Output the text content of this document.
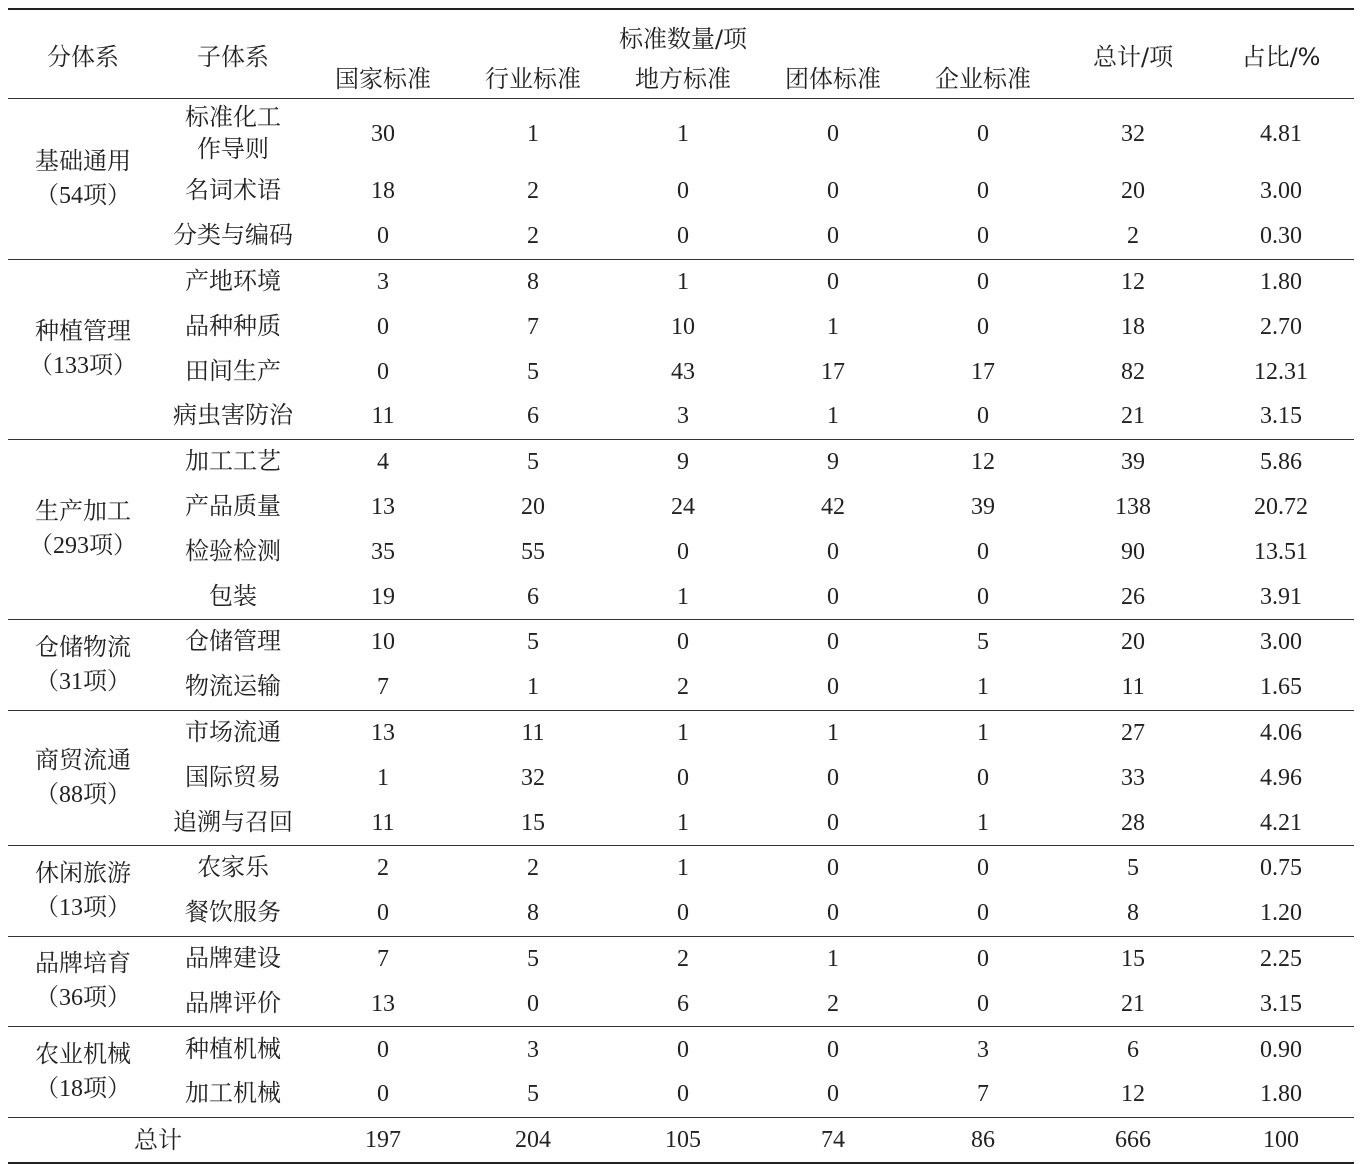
分体系	子体系	标准数量/项					总计/项	占比/%
		国家标准	行业标准	地方标准	团体标准	企业标准		

基础通用
（54项）	标准化工作导则	30	1	1	0	0	32	4.81
	名词术语	18	2	0	0	0	20	3.00
	分类与编码	0	2	0	0	0	2	0.30

种植管理
（133项）	产地环境	3	8	1	0	0	12	1.80
	品种种质	0	7	10	1	0	18	2.70
	田间生产	0	5	43	17	17	82	12.31
	病虫害防治	11	6	3	1	0	21	3.15

生产加工
（293项）	加工工艺	4	5	9	9	12	39	5.86
	产品质量	13	20	24	42	39	138	20.72
	检验检测	35	55	0	0	0	90	13.51
	包装	19	6	1	0	0	26	3.91

仓储物流
（31项）	仓储管理	10	5	0	0	5	20	3.00
	物流运输	7	1	2	0	1	11	1.65

商贸流通
（88项）	市场流通	13	11	1	1	1	27	4.06
	国际贸易	1	32	0	0	0	33	4.96
	追溯与召回	11	15	1	0	1	28	4.21

休闲旅游
（13项）	农家乐	2	2	1	0	0	5	0.75
	餐饮服务	0	8	0	0	0	8	1.20

品牌培育
（36项）	品牌建设	7	5	2	1	0	15	2.25
	品牌评价	13	0	6	2	0	21	3.15

农业机械
（18项）	种植机械	0	3	0	0	3	6	0.90
	加工机械	0	5	0	0	7	12	1.80
总计		197	204	105	74	86	666	100
